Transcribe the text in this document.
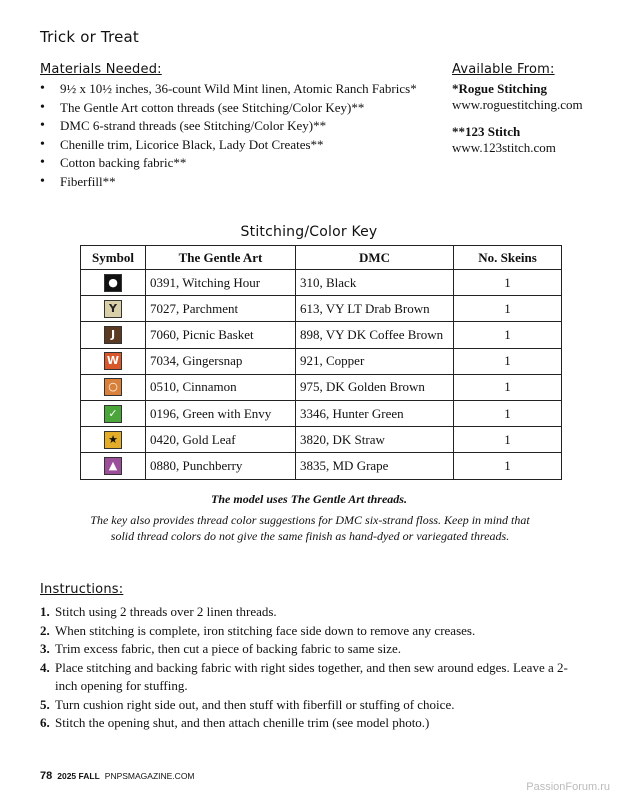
Trick or Treat
Materials Needed:
• 9½ x 10½ inches, 36-count Wild Mint linen, Atomic Ranch Fabrics*
• The Gentle Art cotton threads (see Stitching/Color Key)**
• DMC 6-strand threads (see Stitching/Color Key)**
• Chenille trim, Licorice Black, Lady Dot Creates**
• Cotton backing fabric**
• Fiberfill**
Available From:
*Rogue Stitching
www.roguestitching.com
**123 Stitch
www.123stitch.com
Stitching/Color Key
Symbol	The Gentle Art	DMC	No. Skeins
●	0391, Witching Hour	310, Black	1
Y	7027, Parchment	613, VY LT Drab Brown	1
J	7060, Picnic Basket	898, VY DK Coffee Brown	1
W	7034, Gingersnap	921, Copper	1
○	0510, Cinnamon	975, DK Golden Brown	1
✓	0196, Green with Envy	3346, Hunter Green	1
★	0420, Gold Leaf	3820, DK Straw	1
▲	0880, Punchberry	3835, MD Grape	1
The model uses The Gentle Art threads.
The key also provides thread color suggestions for DMC six-strand floss. Keep in mind that solid thread colors do not give the same finish as hand-dyed or variegated threads.
Instructions:
1. Stitch using 2 threads over 2 linen threads.
2. When stitching is complete, iron stitching face side down to remove any creases.
3. Trim excess fabric, then cut a piece of backing fabric to same size.
4. Place stitching and backing fabric with right sides together, and then sew around edges. Leave a 2-inch opening for stuffing.
5. Turn cushion right side out, and then stuff with fiberfill or stuffing of choice.
6. Stitch the opening shut, and then attach chenille trim (see model photo.)
78 2025 FALL PNPSMAGAZINE.COM
PassionForum.ru
